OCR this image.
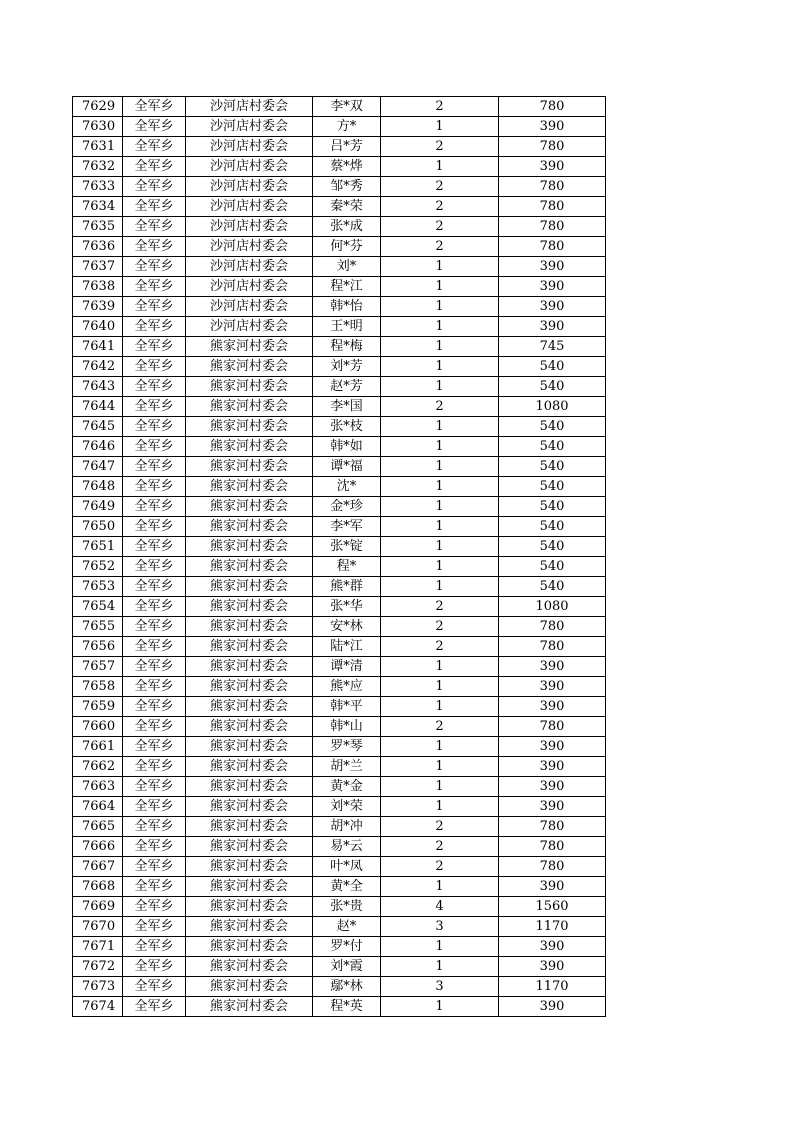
7629	全军乡	沙河店村委会	李*双	2	780
7630	全军乡	沙河店村委会	方*	1	390
7631	全军乡	沙河店村委会	吕*芳	2	780
7632	全军乡	沙河店村委会	蔡*烨	1	390
7633	全军乡	沙河店村委会	邹*秀	2	780
7634	全军乡	沙河店村委会	秦*荣	2	780
7635	全军乡	沙河店村委会	张*成	2	780
7636	全军乡	沙河店村委会	何*芬	2	780
7637	全军乡	沙河店村委会	刘*	1	390
7638	全军乡	沙河店村委会	程*江	1	390
7639	全军乡	沙河店村委会	韩*怡	1	390
7640	全军乡	沙河店村委会	王*明	1	390
7641	全军乡	熊家河村委会	程*梅	1	745
7642	全军乡	熊家河村委会	刘*芳	1	540
7643	全军乡	熊家河村委会	赵*芳	1	540
7644	全军乡	熊家河村委会	李*国	2	1080
7645	全军乡	熊家河村委会	张*枝	1	540
7646	全军乡	熊家河村委会	韩*如	1	540
7647	全军乡	熊家河村委会	谭*福	1	540
7648	全军乡	熊家河村委会	沈*	1	540
7649	全军乡	熊家河村委会	金*珍	1	540
7650	全军乡	熊家河村委会	李*军	1	540
7651	全军乡	熊家河村委会	张*锭	1	540
7652	全军乡	熊家河村委会	程*	1	540
7653	全军乡	熊家河村委会	熊*群	1	540
7654	全军乡	熊家河村委会	张*华	2	1080
7655	全军乡	熊家河村委会	安*林	2	780
7656	全军乡	熊家河村委会	陆*江	2	780
7657	全军乡	熊家河村委会	谭*清	1	390
7658	全军乡	熊家河村委会	熊*应	1	390
7659	全军乡	熊家河村委会	韩*平	1	390
7660	全军乡	熊家河村委会	韩*山	2	780
7661	全军乡	熊家河村委会	罗*琴	1	390
7662	全军乡	熊家河村委会	胡*兰	1	390
7663	全军乡	熊家河村委会	黄*金	1	390
7664	全军乡	熊家河村委会	刘*荣	1	390
7665	全军乡	熊家河村委会	胡*冲	2	780
7666	全军乡	熊家河村委会	易*云	2	780
7667	全军乡	熊家河村委会	叶*凤	2	780
7668	全军乡	熊家河村委会	黄*全	1	390
7669	全军乡	熊家河村委会	张*贵	4	1560
7670	全军乡	熊家河村委会	赵*	3	1170
7671	全军乡	熊家河村委会	罗*付	1	390
7672	全军乡	熊家河村委会	刘*霞	1	390
7673	全军乡	熊家河村委会	鄢*林	3	1170
7674	全军乡	熊家河村委会	程*英	1	390
